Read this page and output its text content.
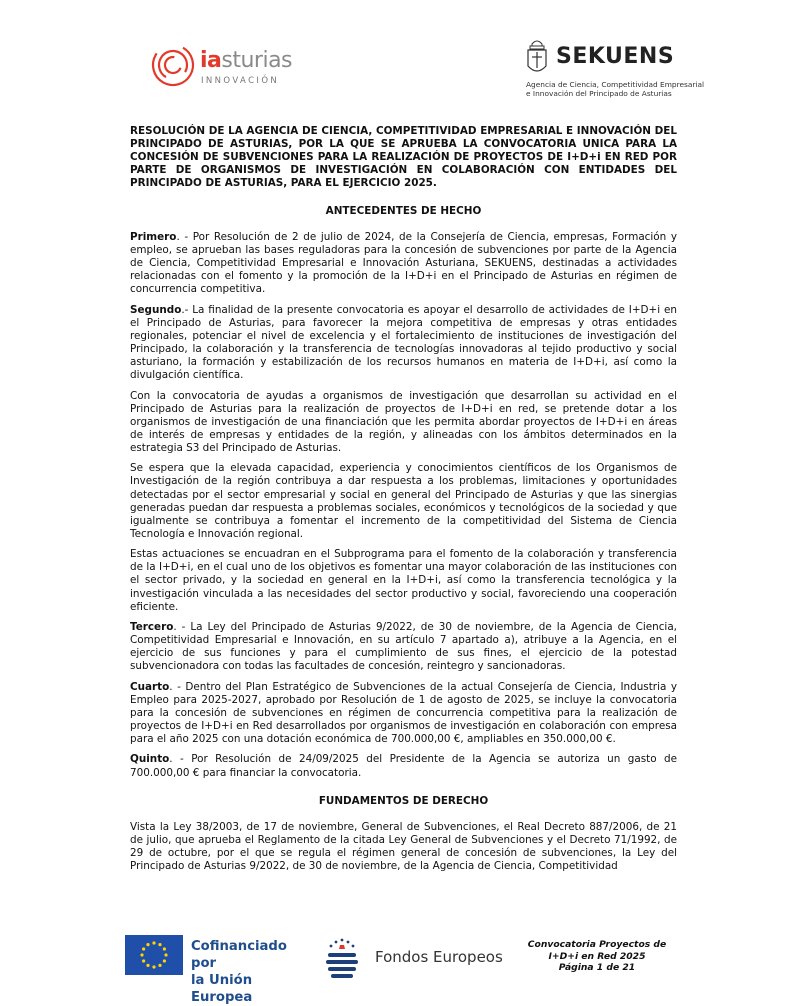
iasturias
INNOVACIÓN
SEKUENS
Agencia de Ciencia, Competitividad Empresarial
e Innovación del Principado de Asturias

RESOLUCIÓN DE LA AGENCIA DE CIENCIA, COMPETITIVIDAD EMPRESARIAL E INNOVACIÓN DEL PRINCIPADO DE ASTURIAS, POR LA QUE SE APRUEBA LA CONVOCATORIA UNICA PARA LA CONCESIÓN DE SUBVENCIONES PARA LA REALIZACIÓN DE PROYECTOS DE I+D+i EN RED POR PARTE DE ORGANISMOS DE INVESTIGACIÓN EN COLABORACIÓN CON ENTIDADES DEL PRINCIPADO DE ASTURIAS, PARA EL EJERCICIO 2025.

ANTECEDENTES DE HECHO

Primero. - Por Resolución de 2 de julio de 2024, de la Consejería de Ciencia, empresas, Formación y empleo, se aprueban las bases reguladoras para la concesión de subvenciones por parte de la Agencia de Ciencia, Competitividad Empresarial e Innovación Asturiana, SEKUENS, destinadas a actividades relacionadas con el fomento y la promoción de la I+D+i en el Principado de Asturias en régimen de concurrencia competitiva.

Segundo.- La finalidad de la presente convocatoria es apoyar el desarrollo de actividades de I+D+i en el Principado de Asturias, para favorecer la mejora competitiva de empresas y otras entidades regionales, potenciar el nivel de excelencia y el fortalecimiento de instituciones de investigación del Principado, la colaboración y la transferencia de tecnologías innovadoras al tejido productivo y social asturiano, la formación y estabilización de los recursos humanos en materia de I+D+i, así como la divulgación científica.

Con la convocatoria de ayudas a organismos de investigación que desarrollan su actividad en el Principado de Asturias para la realización de proyectos de I+D+i en red, se pretende dotar a los organismos de investigación de una financiación que les permita abordar proyectos de I+D+i en áreas de interés de empresas y entidades de la región, y alineadas con los ámbitos determinados en la estrategia S3 del Principado de Asturias.

Se espera que la elevada capacidad, experiencia y conocimientos científicos de los Organismos de Investigación de la región contribuya a dar respuesta a los problemas, limitaciones y oportunidades detectadas por el sector empresarial y social en general del Principado de Asturias y que las sinergias generadas puedan dar respuesta a problemas sociales, económicos y tecnológicos de la sociedad y que igualmente se contribuya a fomentar el incremento de la competitividad del Sistema de Ciencia Tecnología e Innovación regional.

Estas actuaciones se encuadran en el Subprograma para el fomento de la colaboración y transferencia de la I+D+i, en el cual uno de los objetivos es fomentar una mayor colaboración de las instituciones con el sector privado, y la sociedad en general en la I+D+i, así como la transferencia tecnológica y la investigación vinculada a las necesidades del sector productivo y social, favoreciendo una cooperación eficiente.

Tercero. - La Ley del Principado de Asturias 9/2022, de 30 de noviembre, de la Agencia de Ciencia, Competitividad Empresarial e Innovación, en su artículo 7 apartado a), atribuye a la Agencia, en el ejercicio de sus funciones y para el cumplimiento de sus fines, el ejercicio de la potestad subvencionadora con todas las facultades de concesión, reintegro y sancionadoras.

Cuarto. - Dentro del Plan Estratégico de Subvenciones de la actual Consejería de Ciencia, Industria y Empleo para 2025-2027, aprobado por Resolución de 1 de agosto de 2025, se incluye la convocatoria para la concesión de subvenciones en régimen de concurrencia competitiva para la realización de proyectos de I+D+i en Red desarrollados por organismos de investigación en colaboración con empresa para el año 2025 con una dotación económica de 700.000,00 €, ampliables en 350.000,00 €.

Quinto. - Por Resolución de 24/09/2025 del Presidente de la Agencia se autoriza un gasto de 700.000,00 € para financiar la convocatoria.

FUNDAMENTOS DE DERECHO

Vista la Ley 38/2003, de 17 de noviembre, General de Subvenciones, el Real Decreto 887/2006, de 21 de julio, que aprueba el Reglamento de la citada Ley General de Subvenciones y el Decreto 71/1992, de 29 de octubre, por el que se regula el régimen general de concesión de subvenciones, la Ley del Principado de Asturias 9/2022, de 30 de noviembre, de la Agencia de Ciencia, Competitividad

Cofinanciado por
la Unión Europea
Fondos Europeos
Convocatoria Proyectos de
I+D+i en Red 2025
Página 1 de 21
